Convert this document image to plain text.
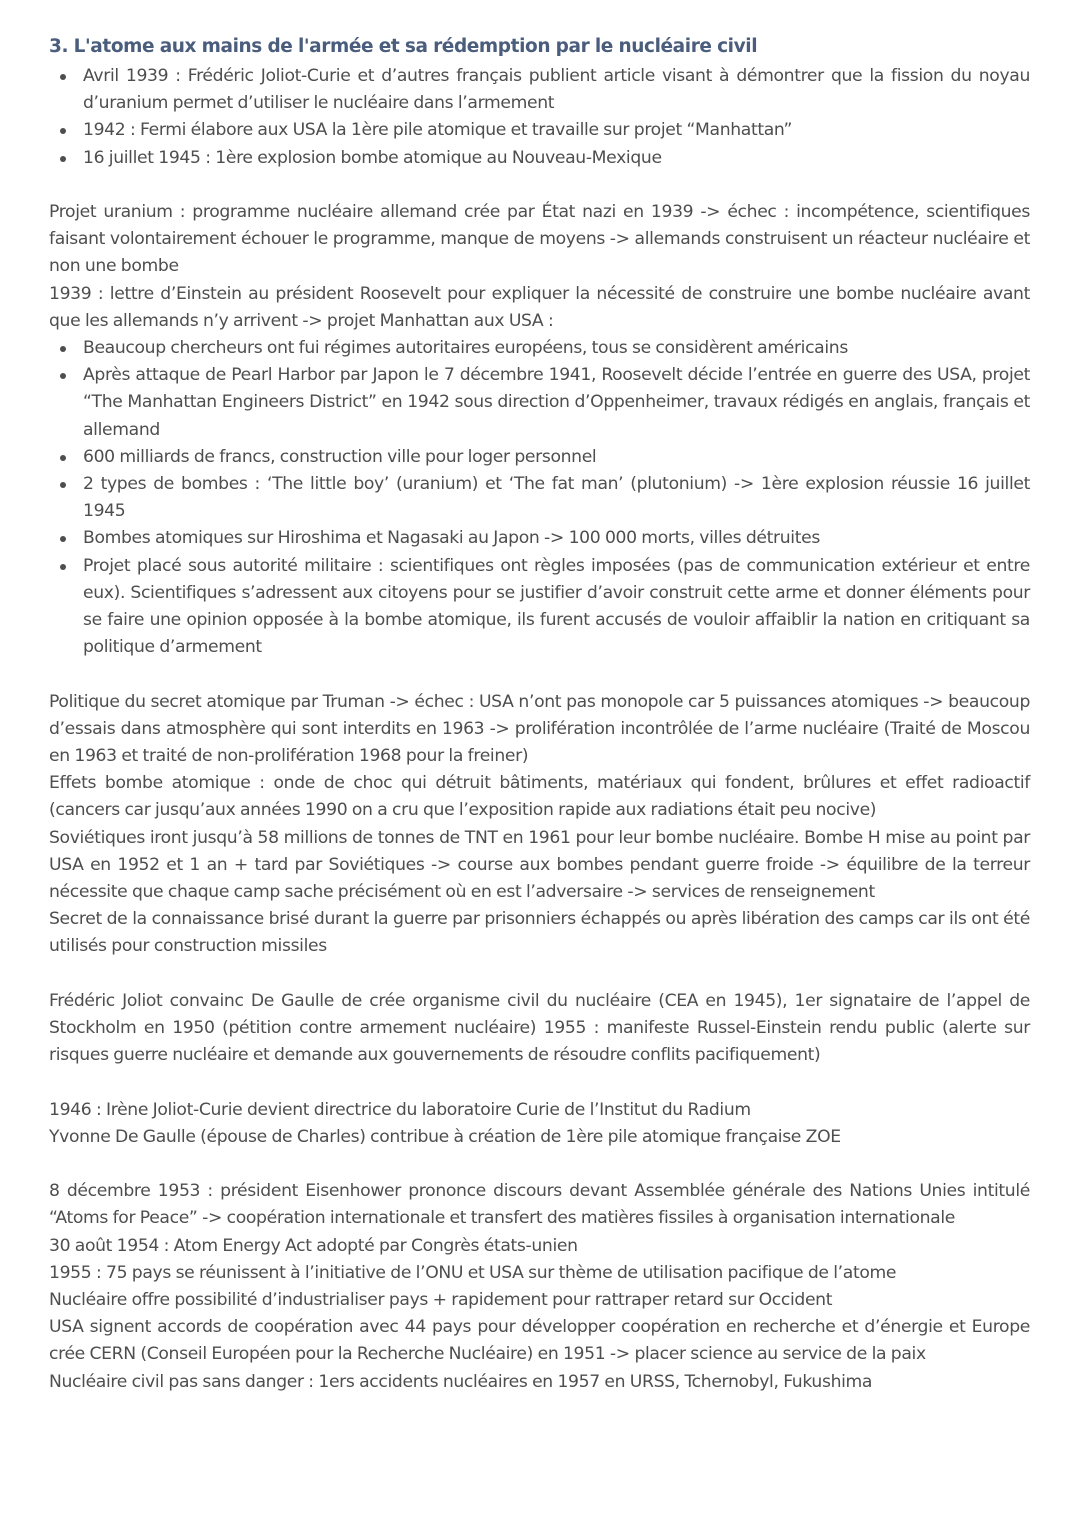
3. L'atome aux mains de l'armée et sa rédemption par le nucléaire civil
Avril 1939 : Frédéric Joliot-Curie et d’autres français publient article visant à démontrer que la fission du noyau d’uranium permet d’utiliser le nucléaire dans l’armement
1942 : Fermi élabore aux USA la 1ère pile atomique et travaille sur projet “Manhattan”
16 juillet 1945 : 1ère explosion bombe atomique au Nouveau-Mexique

Projet uranium : programme nucléaire allemand crée par État nazi en 1939 -> échec : incompétence, scientifiques faisant volontairement échouer le programme, manque de moyens -> allemands construisent un réacteur nucléaire et non une bombe

1939 : lettre d’Einstein au président Roosevelt pour expliquer la nécessité de construire une bombe nucléaire avant que les allemands n’y arrivent -> projet Manhattan aux USA :

Beaucoup chercheurs ont fui régimes autoritaires européens, tous se considèrent américains
Après attaque de Pearl Harbor par Japon le 7 décembre 1941, Roosevelt décide l’entrée en guerre des USA, projet “The Manhattan Engineers District” en 1942 sous direction d’Oppenheimer, travaux rédigés en anglais, français et allemand
600 milliards de francs, construction ville pour loger personnel
2 types de bombes : ‘The little boy’ (uranium) et ‘The fat man’ (plutonium) -> 1ère explosion réussie 16 juillet 1945
Bombes atomiques sur Hiroshima et Nagasaki au Japon -> 100 000 morts, villes détruites
Projet placé sous autorité militaire : scientifiques ont règles imposées (pas de communication extérieur et entre eux). Scientifiques s’adressent aux citoyens pour se justifier d’avoir construit cette arme et donner éléments pour se faire une opinion opposée à la bombe atomique, ils furent accusés de vouloir affaiblir la nation en critiquant sa politique d’armement

Politique du secret atomique par Truman -> échec : USA n’ont pas monopole car 5 puissances atomiques -> beaucoup d’essais dans atmosphère qui sont interdits en 1963 -> prolifération incontrôlée de l’arme nucléaire (Traité de Moscou en 1963 et traité de non-prolifération 1968 pour la freiner)

Effets bombe atomique : onde de choc qui détruit bâtiments, matériaux qui fondent, brûlures et effet radioactif (cancers car jusqu’aux années 1990 on a cru que l’exposition rapide aux radiations était peu nocive)

Soviétiques iront jusqu’à 58 millions de tonnes de TNT en 1961 pour leur bombe nucléaire. Bombe H mise au point par USA en 1952 et 1 an + tard par Soviétiques -> course aux bombes pendant guerre froide -> équilibre de la terreur nécessite que chaque camp sache précisément où en est l’adversaire -> services de renseignement

Secret de la connaissance brisé durant la guerre par prisonniers échappés ou après libération des camps car ils ont été utilisés pour construction missiles

Frédéric Joliot convainc De Gaulle de crée organisme civil du nucléaire (CEA en 1945), 1er signataire de l’appel de Stockholm en 1950 (pétition contre armement nucléaire) 1955 : manifeste Russel-Einstein rendu public (alerte sur risques guerre nucléaire et demande aux gouvernements de résoudre conflits pacifiquement)

1946 : Irène Joliot-Curie devient directrice du laboratoire Curie de l’Institut du Radium

Yvonne De Gaulle (épouse de Charles) contribue à création de 1ère pile atomique française ZOE

8 décembre 1953 : président Eisenhower prononce discours devant Assemblée générale des Nations Unies intitulé “Atoms for Peace” -> coopération internationale et transfert des matières fissiles à organisation internationale

30 août 1954 : Atom Energy Act adopté par Congrès états-unien

1955 : 75 pays se réunissent à l’initiative de l’ONU et USA sur thème de utilisation pacifique de l’atome

Nucléaire offre possibilité d’industrialiser pays + rapidement pour rattraper retard sur Occident

USA signent accords de coopération avec 44 pays pour développer coopération en recherche et d’énergie et Europe crée CERN (Conseil Européen pour la Recherche Nucléaire) en 1951 -> placer science au service de la paix

Nucléaire civil pas sans danger : 1ers accidents nucléaires en 1957 en URSS, Tchernobyl, Fukushima
